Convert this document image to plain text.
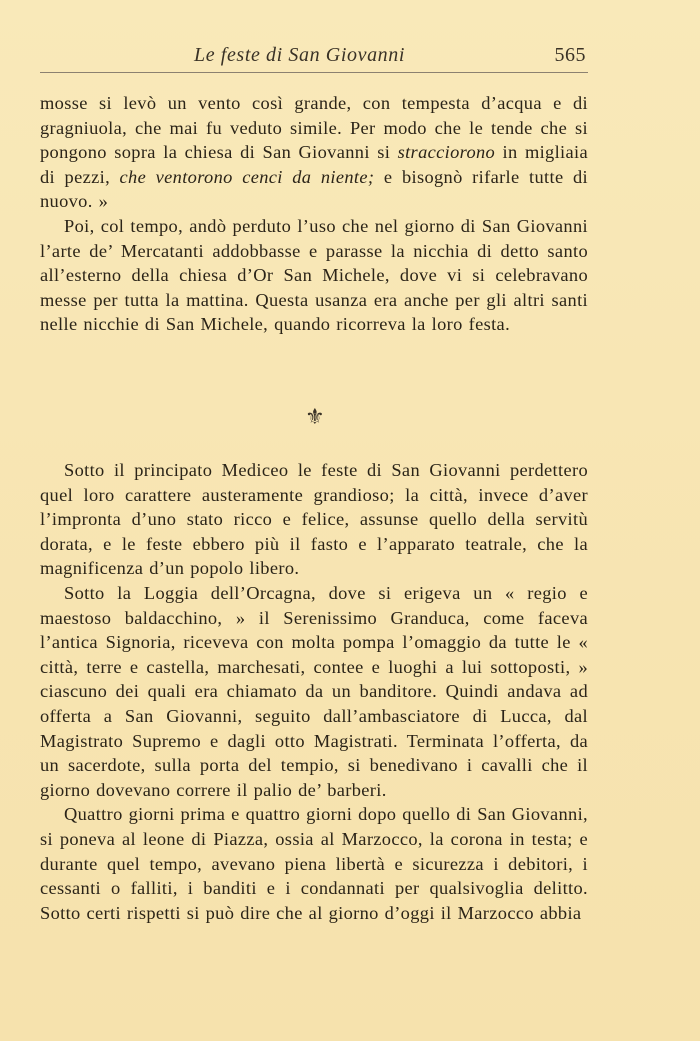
Le feste di San Giovanni	565

mosse si levò un vento così grande, con tempesta d’acqua e di gragniuola, che mai fu veduto simile. Per modo che le tende che si pongono sopra la chiesa di San Giovanni si stracciorono in migliaia di pezzi, che ventorono cenci da niente; e bisognò rifarle tutte di nuovo. »

Poi, col tempo, andò perduto l’uso che nel giorno di San Giovanni l’arte de’ Mercatanti addobbasse e parasse la nicchia di detto santo all’esterno della chiesa d’Or San Michele, dove vi si celebravano messe per tutta la mattina. Questa usanza era anche per gli altri santi nelle nicchie di San Michele, quando ricorreva la loro festa.

⚜

Sotto il principato Mediceo le feste di San Giovanni perdettero quel loro carattere austeramente grandioso; la città, invece d’aver l’impronta d’uno stato ricco e felice, assunse quello della servitù dorata, e le feste ebbero più il fasto e l’apparato teatrale, che la magnificenza d’un popolo libero.

Sotto la Loggia dell’Orcagna, dove si erigeva un « regio e maestoso baldacchino, » il Serenissimo Granduca, come faceva l’antica Signoria, riceveva con molta pompa l’omaggio da tutte le « città, terre e castella, marchesati, contee e luoghi a lui sottoposti, » ciascuno dei quali era chiamato da un banditore. Quindi andava ad offerta a San Giovanni, seguito dall’ambasciatore di Lucca, dal Magistrato Supremo e dagli otto Magistrati. Terminata l’offerta, da un sacerdote, sulla porta del tempio, si benedivano i cavalli che il giorno dovevano correre il palio de’ barberi.

Quattro giorni prima e quattro giorni dopo quello di San Giovanni, si poneva al leone di Piazza, ossia al Marzocco, la corona in testa; e durante quel tempo, avevano piena libertà e sicurezza i debitori, i cessanti o falliti, i banditi e i condannati per qualsivoglia delitto. Sotto certi rispetti si può dire che al giorno d’oggi il Marzocco abbia
